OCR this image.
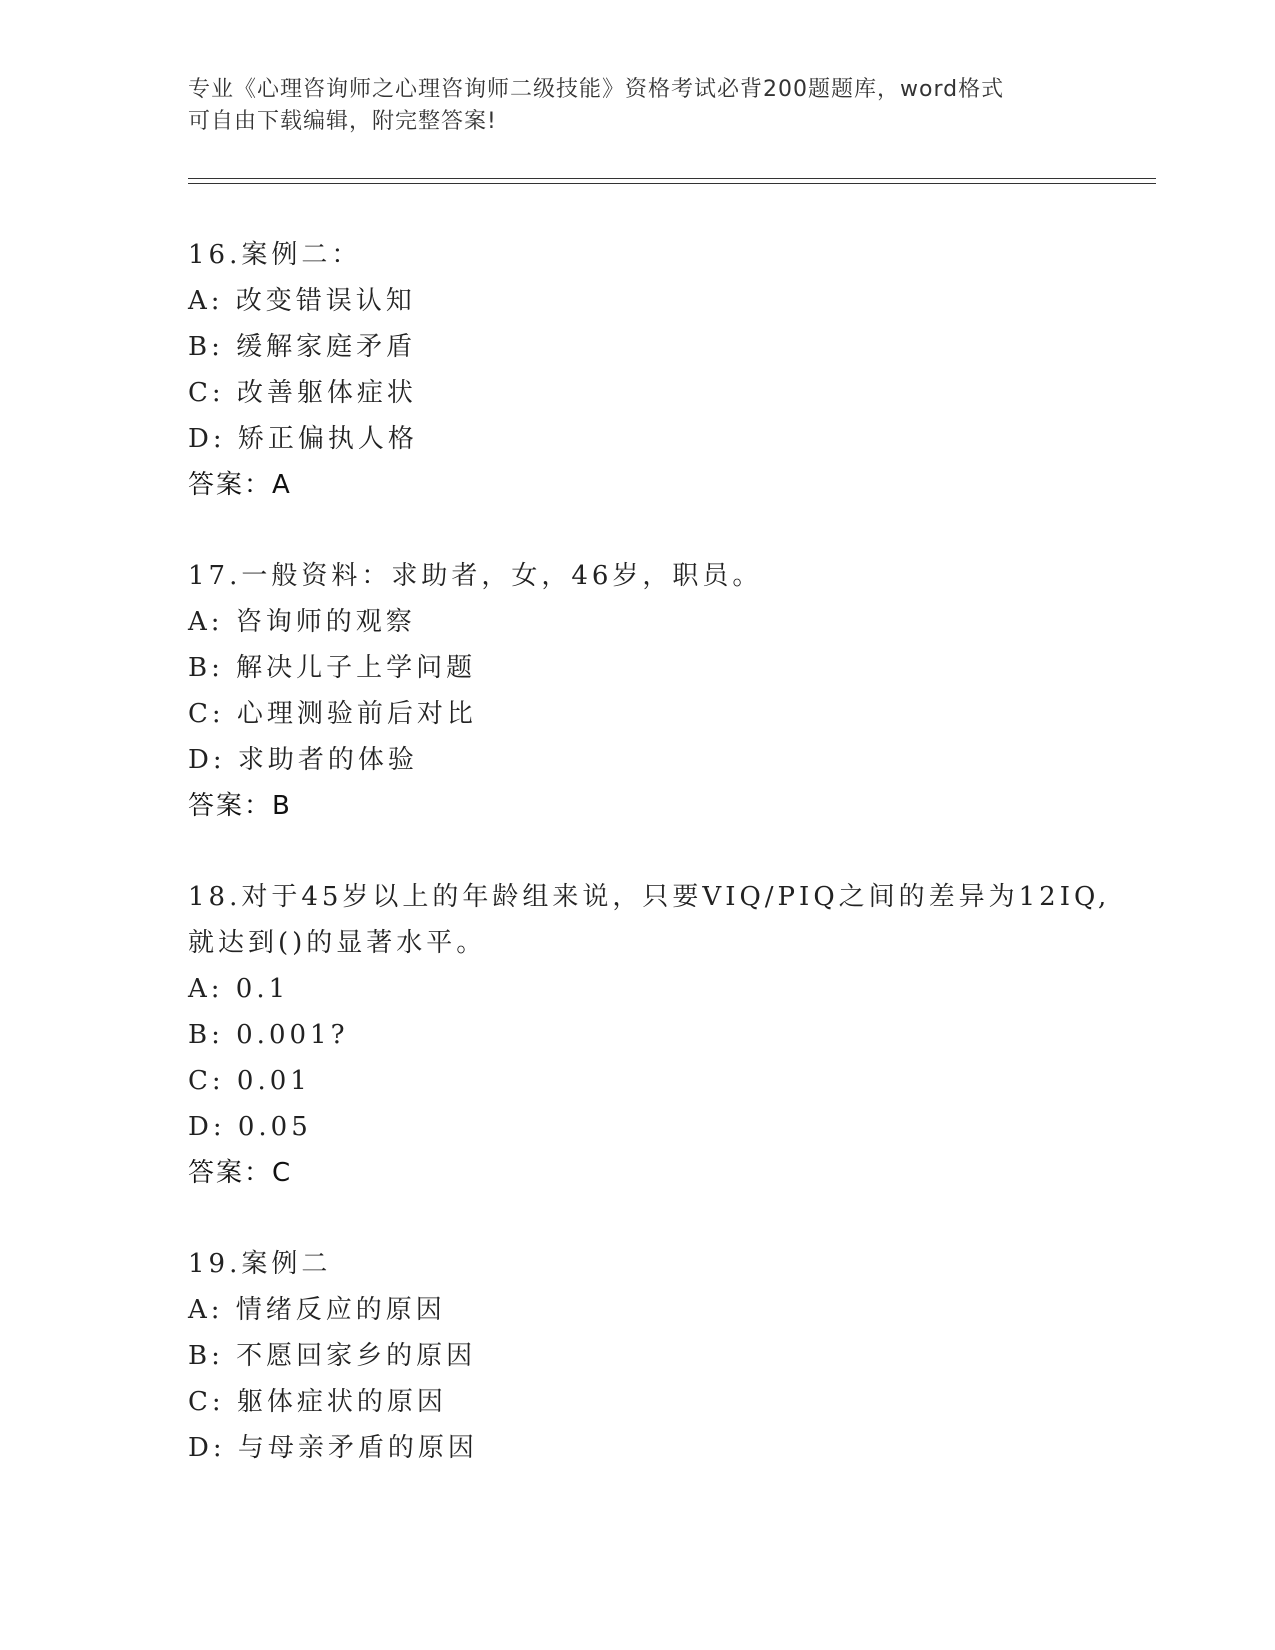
专业《心理咨询师之心理咨询师二级技能》资格考试必背200题题库，word格式
可自由下载编辑，附完整答案!
16.案例二：
A: 改变错误认知
B: 缓解家庭矛盾
C: 改善躯体症状
D: 矫正偏执人格
答案：A
17.一般资料：求助者，女，46岁，职员。
A: 咨询师的观察
B: 解决儿子上学问题
C: 心理测验前后对比
D: 求助者的体验
答案：B
18.对于45岁以上的年龄组来说，只要VIQ/PIQ之间的差异为12IQ,
就达到()的显著水平。
A: 0.1
B: 0.001?
C: 0.01
D: 0.05
答案：C
19.案例二
A: 情绪反应的原因
B: 不愿回家乡的原因
C: 躯体症状的原因
D: 与母亲矛盾的原因
